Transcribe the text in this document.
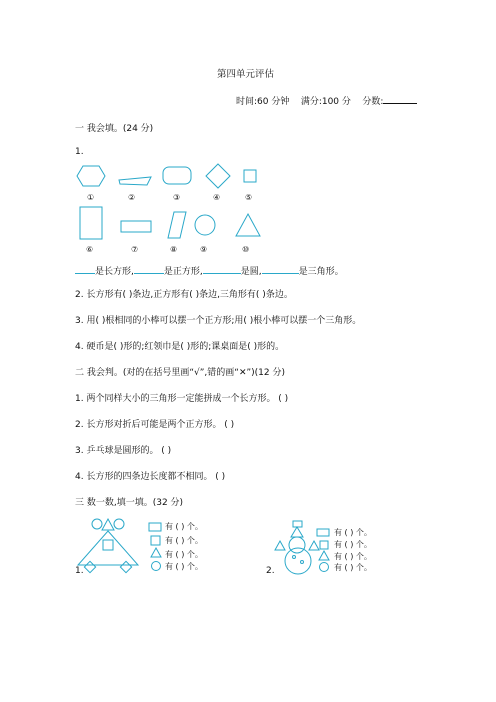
第四单元评估
时间:60 分钟 满分:100 分 分数:
一 我会填。(24 分)
1.
①	②	③	④	⑤
⑥	⑦	⑧	⑨	⑩
是长方形,	是正方形,	是圆,	是三角形。
2. 长方形有( )条边,正方形有( )条边,三角形有( )条边。
3. 用( )根相同的小棒可以摆一个正方形;用( )根小棒可以摆一个三角形。
4. 硬币是( )形的;红领巾是( )形的;课桌面是( )形的。
二 我会判。(对的在括号里画“√”,错的画“✕”)(12 分)
1. 两个同样大小的三角形一定能拼成一个长方形。 ( )
2. 长方形对折后可能是两个正方形。 ( )
3. 乒乓球是圆形的。 ( )
4. 长方形的四条边长度都不相同。 ( )
三 数一数,填一填。(32 分)
有 ( ) 个。
有 ( ) 个。
有 ( ) 个。
有 ( ) 个。
1.
有 ( ) 个。
有 ( ) 个。
有 ( ) 个。
有 ( ) 个。
2.
